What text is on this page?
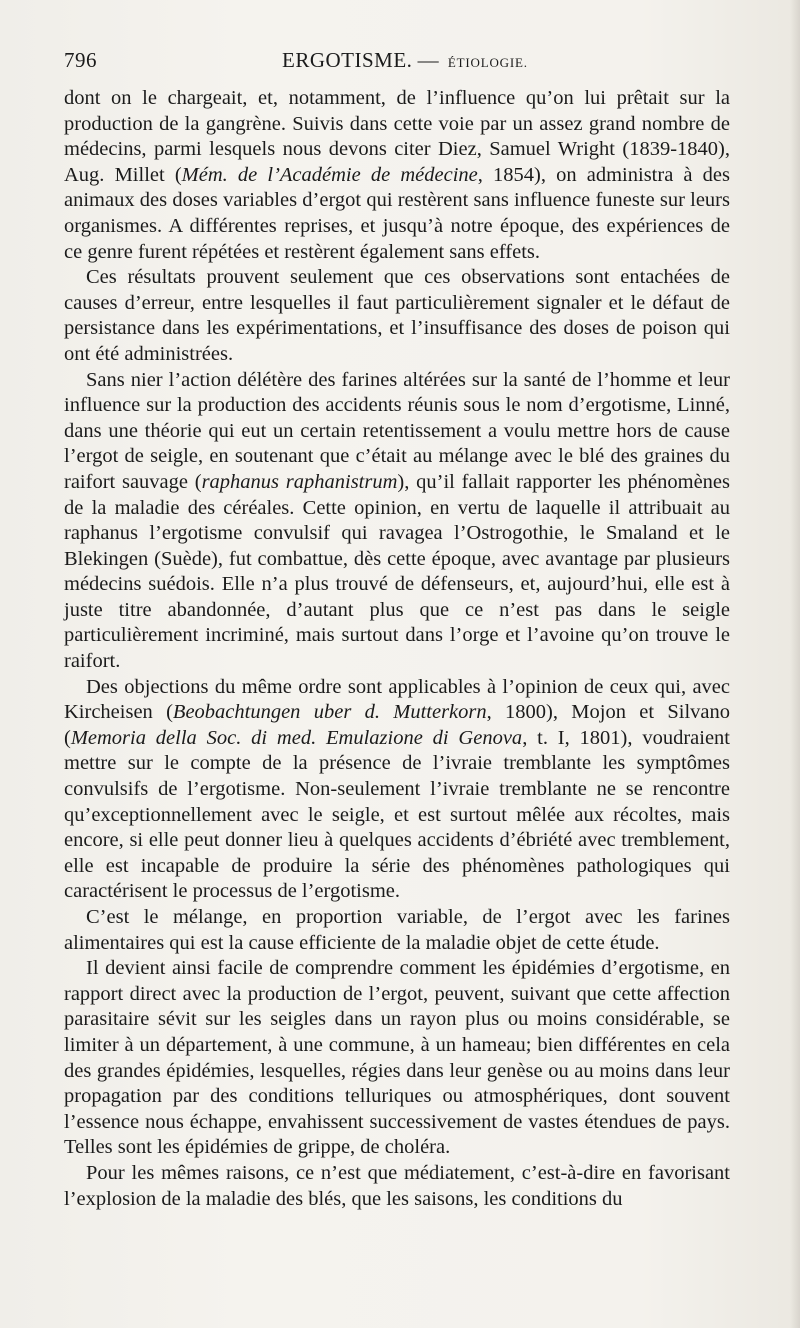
796	ERGOTISME. — ÉTIOLOGIE.

dont on le chargeait, et, notamment, de l’influence qu’on lui prêtait sur la production de la gangrène. Suivis dans cette voie par un assez grand nombre de médecins, parmi lesquels nous devons citer Diez, Samuel Wright (1839-1840), Aug. Millet (Mém. de l’Académie de médecine, 1854), on administra à des animaux des doses variables d’ergot qui restèrent sans influence funeste sur leurs organismes. A différentes reprises, et jusqu’à notre époque, des expériences de ce genre furent répétées et restèrent également sans effets.

Ces résultats prouvent seulement que ces observations sont entachées de causes d’erreur, entre lesquelles il faut particulièrement signaler et le défaut de persistance dans les expérimentations, et l’insuffisance des doses de poison qui ont été administrées.

Sans nier l’action délétère des farines altérées sur la santé de l’homme et leur influence sur la production des accidents réunis sous le nom d’ergotisme, Linné, dans une théorie qui eut un certain retentissement a voulu mettre hors de cause l’ergot de seigle, en soutenant que c’était au mélange avec le blé des graines du raifort sauvage (raphanus raphanistrum), qu’il fallait rapporter les phénomènes de la maladie des céréales. Cette opinion, en vertu de laquelle il attribuait au raphanus l’ergotisme convulsif qui ravagea l’Ostrogothie, le Smaland et le Blekingen (Suède), fut combattue, dès cette époque, avec avantage par plusieurs médecins suédois. Elle n’a plus trouvé de défenseurs, et, aujourd’hui, elle est à juste titre abandonnée, d’autant plus que ce n’est pas dans le seigle particulièrement incriminé, mais surtout dans l’orge et l’avoine qu’on trouve le raifort.

Des objections du même ordre sont applicables à l’opinion de ceux qui, avec Kircheisen (Beobachtungen uber d. Mutterkorn, 1800), Mojon et Silvano (Memoria della Soc. di med. Emulazione di Genova, t. I, 1801), voudraient mettre sur le compte de la présence de l’ivraie tremblante les symptômes convulsifs de l’ergotisme. Non-seulement l’ivraie tremblante ne se rencontre qu’exceptionnellement avec le seigle, et est surtout mêlée aux récoltes, mais encore, si elle peut donner lieu à quelques accidents d’ébriété avec tremblement, elle est incapable de produire la série des phénomènes pathologiques qui caractérisent le processus de l’ergotisme.

C’est le mélange, en proportion variable, de l’ergot avec les farines alimentaires qui est la cause efficiente de la maladie objet de cette étude.

Il devient ainsi facile de comprendre comment les épidémies d’ergotisme, en rapport direct avec la production de l’ergot, peuvent, suivant que cette affection parasitaire sévit sur les seigles dans un rayon plus ou moins considérable, se limiter à un département, à une commune, à un hameau; bien différentes en cela des grandes épidémies, lesquelles, régies dans leur genèse ou au moins dans leur propagation par des conditions telluriques ou atmosphériques, dont souvent l’essence nous échappe, envahissent successivement de vastes étendues de pays. Telles sont les épidémies de grippe, de choléra.

Pour les mêmes raisons, ce n’est que médiatement, c’est-à-dire en favorisant l’explosion de la maladie des blés, que les saisons, les conditions du
